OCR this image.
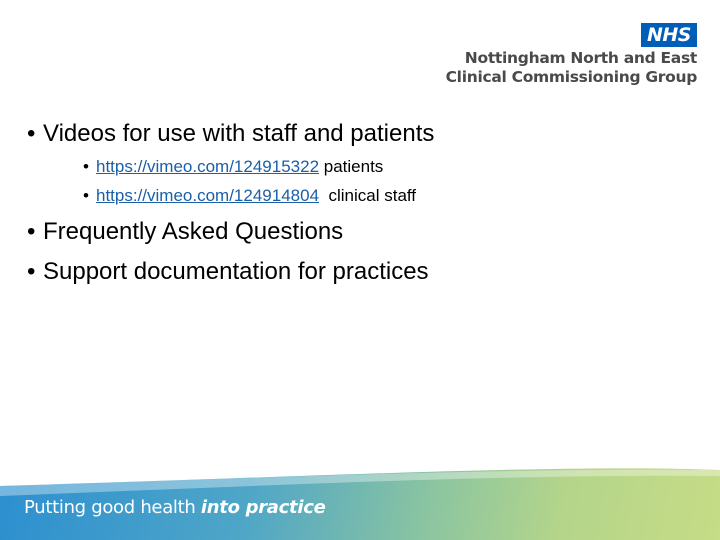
NHS
Nottingham North and East
Clinical Commissioning Group
• Videos for use with staff and patients
• https://vimeo.com/124915322 patients
• https://vimeo.com/124914804  clinical staff
• Frequently Asked Questions
• Support documentation for practices
Putting good health into practice
